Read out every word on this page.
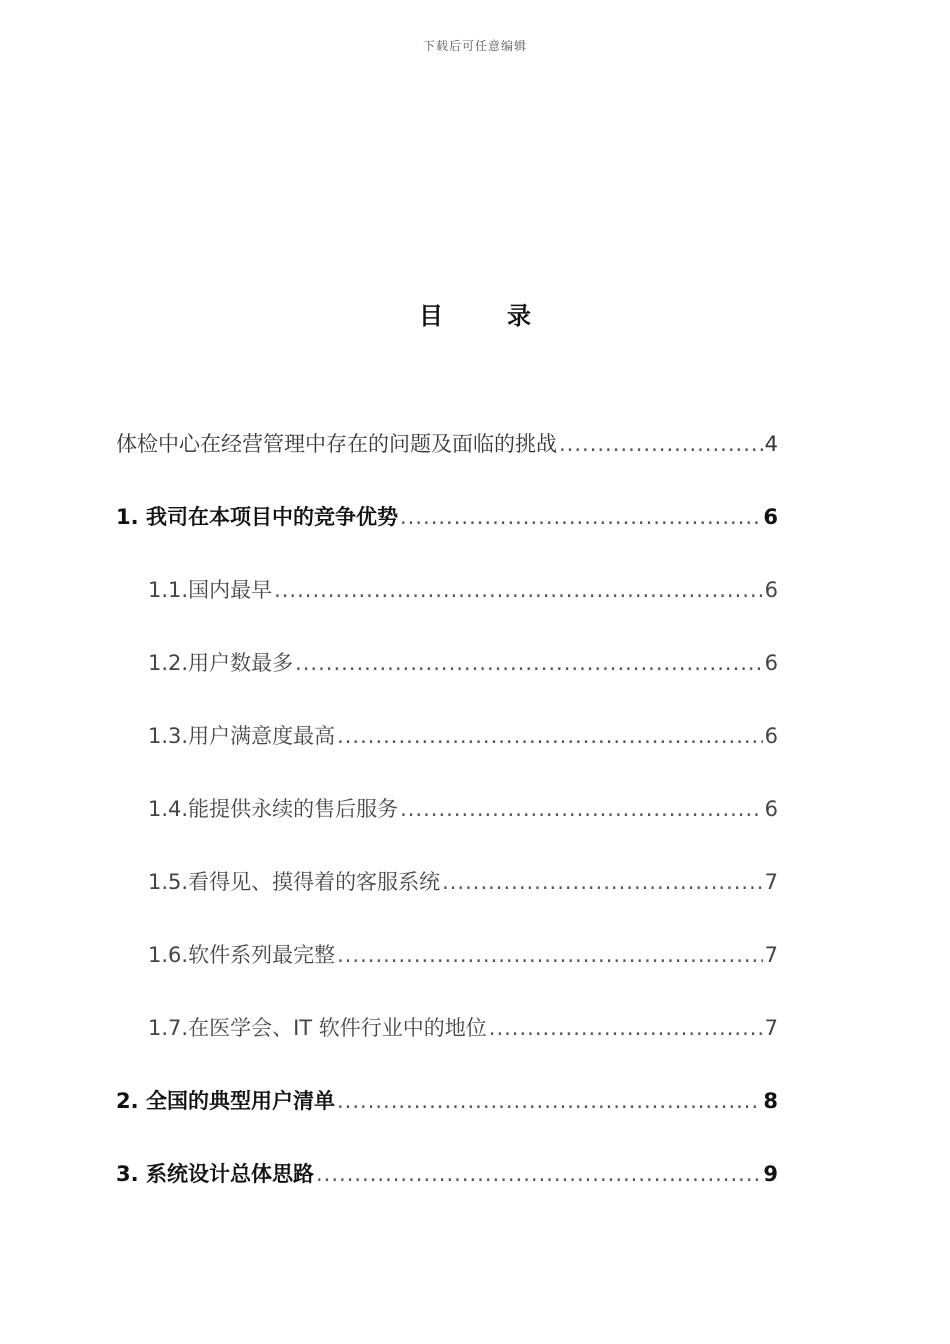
下载后可任意编辑
目	录
体检中心在经营管理中存在的问题及面临的挑战 .....	4
1. 我司在本项目中的竞争优势 .....	6
1.1. 国内最早 .....	6
1.2. 用户数最多 .....	6
1.3. 用户满意度最高 .....	6
1.4. 能提供永续的售后服务 .....	6
1.5. 看得见、摸得着的客服系统 .....	7
1.6. 软件系列最完整 .....	7
1.7. 在医学会、IT 软件行业中的地位 .....	7
2. 全国的典型用户清单 .....	8
3. 系统设计总体思路 .....	9
